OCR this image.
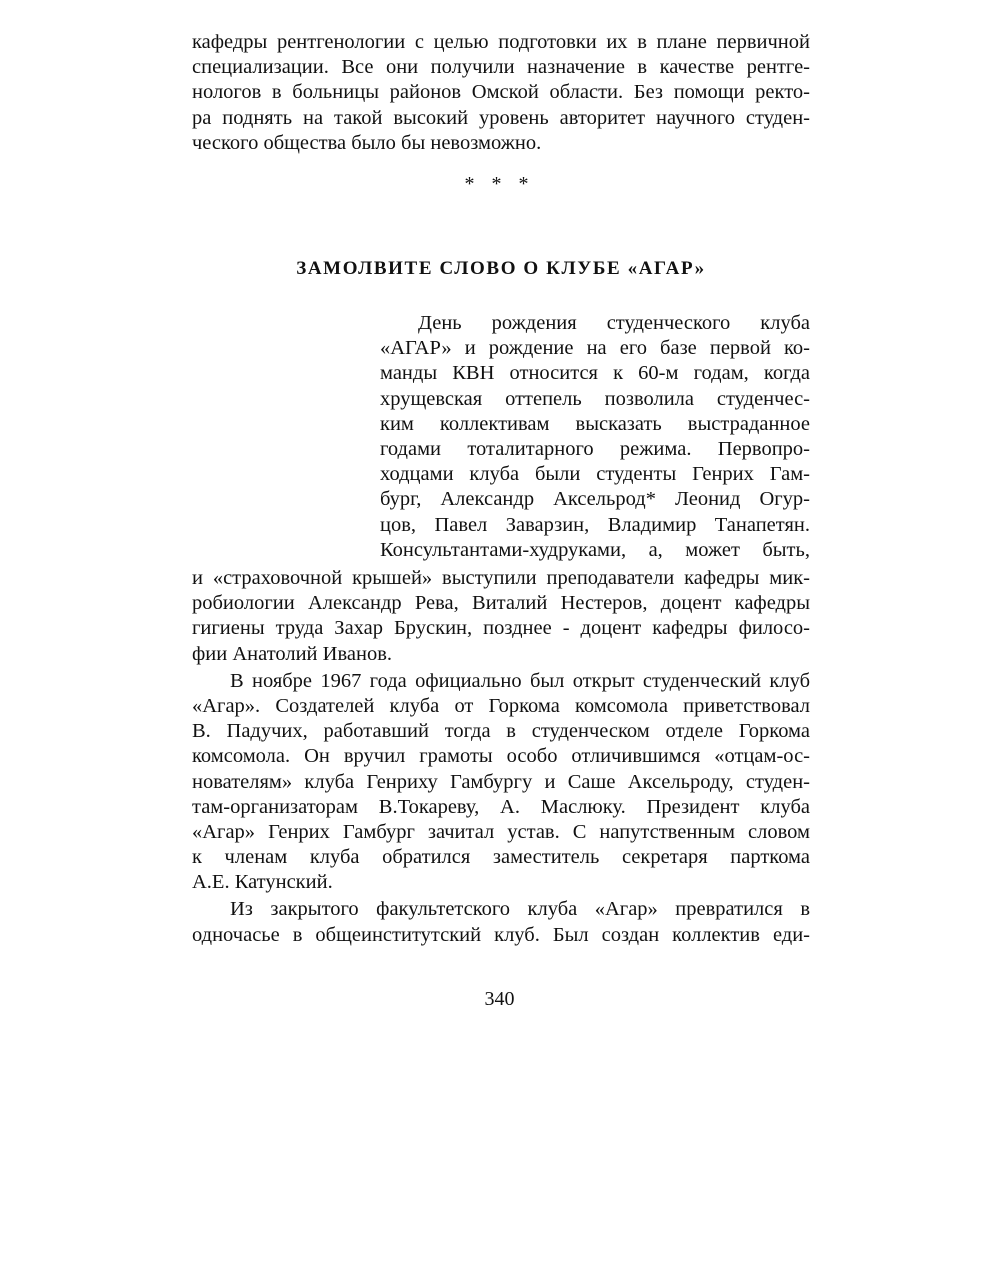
кафедры рентгенологии с целью подготовки их в плане первичной
специализации. Все они получили назначение в качестве рентге-
нологов в больницы районов Омской области. Без помощи ректо-
ра поднять на такой высокий уровень авторитет научного студен-
ческого общества было бы невозможно.
* * *
ЗАМОЛВИТЕ СЛОВО О КЛУБЕ «АГАР»
День рождения студенческого клуба
«АГАР» и рождение на его базе первой ко-
манды КВН относится к 60-м годам, когда
хрущевская оттепель позволила студенчес-
ким коллективам высказать выстраданное
годами тоталитарного режима. Первопро-
ходцами клуба были студенты Генрих Гам-
бург, Александр Аксельрод* Леонид Огур-
цов, Павел Заварзин, Владимир Танапетян.
Консультантами-худруками, а, может быть,
и «страховочной крышей» выступили преподаватели кафедры мик-
робиологии Александр Рева, Виталий Нестеров, доцент кафедры
гигиены труда Захар Брускин, позднее - доцент кафедры филосо-
фии Анатолий Иванов.
В ноябре 1967 года официально был открыт студенческий клуб
«Агар». Создателей клуба от Горкома комсомола приветствовал
В. Падучих, работавший тогда в студенческом отделе Горкома
комсомола. Он вручил грамоты особо отличившимся «отцам-ос-
нователям» клуба Генриху Гамбургу и Саше Аксельроду, студен-
там-организаторам В.Токареву, А. Маслюку. Президент клуба
«Агар» Генрих Гамбург зачитал устав. С напутственным словом
к членам клуба обратился заместитель секретаря парткома
А.Е. Катунский.
Из закрытого факультетского клуба «Агар» превратился в
одночасье в общеинститутский клуб. Был создан коллектив еди-
340
